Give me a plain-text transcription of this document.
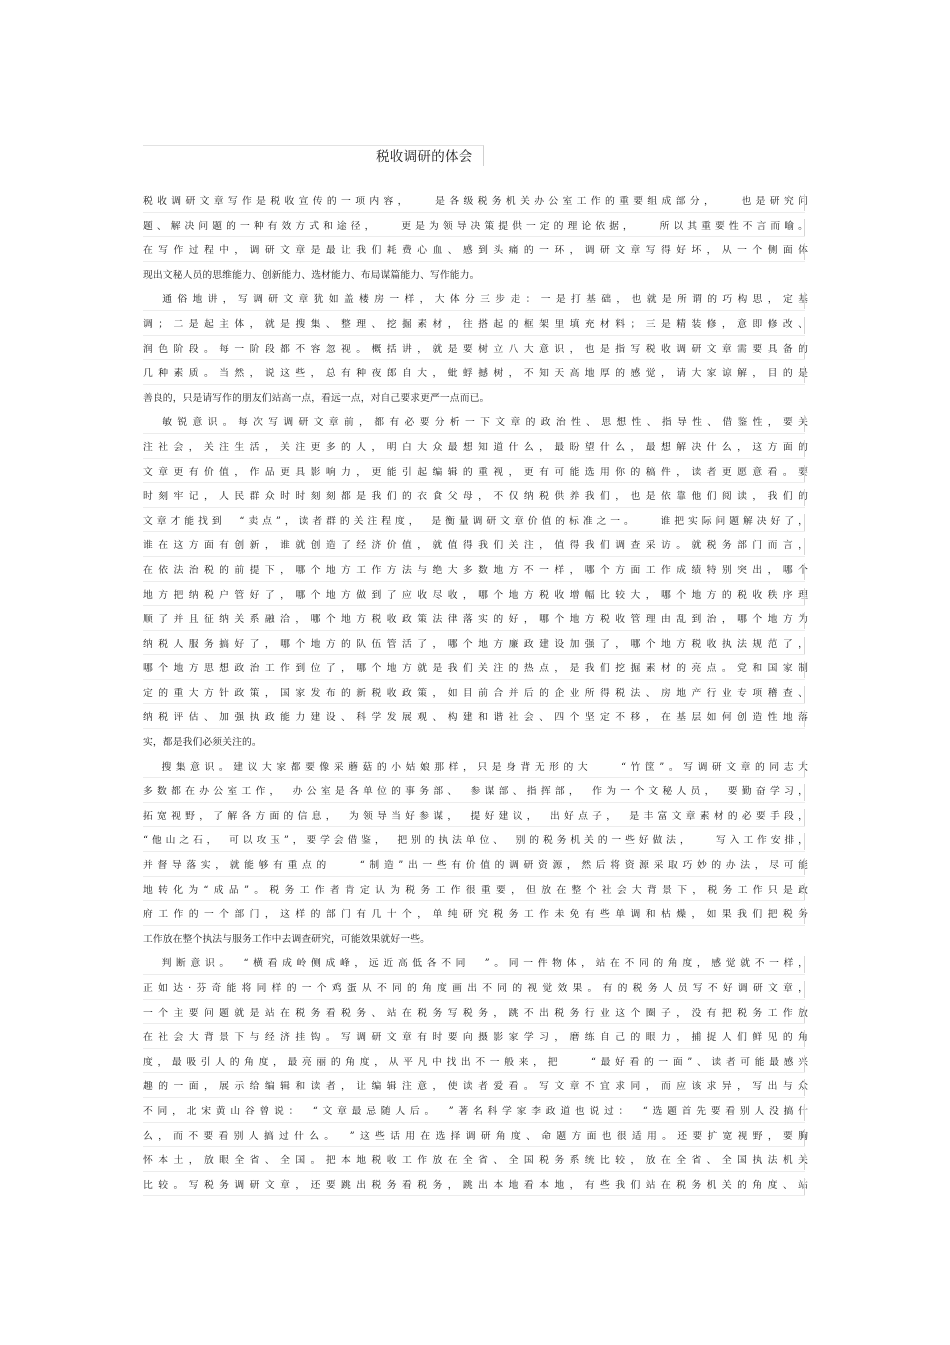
税收调研的体会
税收调研文章写作是税收宣传的一项内容，　　是各级税务机关办公室工作的重要组成部分，　　也是研究问
题、解决问题的一种有效方式和途径，　　更是为领导决策提供一定的理论依据，　　所以其重要性不言而喻。
在写作过程中，调研文章是最让我们耗费心血、感到头痛的一环，调研文章写得好坏，从一个侧面体
现出文秘人员的思维能力、创新能力、选材能力、布局谋篇能力、写作能力。
通俗地讲，写调研文章犹如盖楼房一样，大体分三步走：一是打基础，也就是所谓的巧构思，定基
调；二是起主体，就是搜集、整理、挖掘素材，往搭起的框架里填充材料；三是精装修，意即修改、
润色阶段。每一阶段都不容忽视。概括讲，就是要树立八大意识，也是指写税收调研文章需要具备的
几种素质。当然，说这些，总有种夜郎自大，蚍蜉撼树，不知天高地厚的感觉，请大家谅解，目的是
善良的，只是请写作的朋友们站高一点，看远一点，对自己要求更严一点而已。
敏锐意识。每次写调研文章前，都有必要分析一下文章的政治性、思想性、指导性、借鉴性，要关
注社会，关注生活，关注更多的人，明白大众最想知道什么，最盼望什么，最想解决什么，这方面的
文章更有价值，作品更具影响力，更能引起编辑的重视，更有可能选用你的稿件，读者更愿意看。要
时刻牢记，人民群众时时刻刻都是我们的衣食父母，不仅纳税供养我们，也是依靠他们阅读，我们的
文章才能找到　“卖点”，读者群的关注程度，　是衡量调研文章价值的标准之一。　　谁把实际问题解决好了，
谁在这方面有创新，谁就创造了经济价值，就值得我们关注，值得我们调查采访。就税务部门而言，
在依法治税的前提下，哪个地方工作方法与绝大多数地方不一样，哪个方面工作成绩特别突出，哪个
地方把纳税户管好了，哪个地方做到了应收尽收，哪个地方税收增幅比较大，哪个地方的税收秩序理
顺了并且征纳关系融洽，哪个地方税收政策法律落实的好，哪个地方税收管理由乱到治，哪个地方为
纳税人服务搞好了，哪个地方的队伍管活了，哪个地方廉政建设加强了，哪个地方税收执法规范了，
哪个地方思想政治工作到位了，哪个地方就是我们关注的热点，是我们挖掘素材的亮点。党和国家制
定的重大方针政策，国家发布的新税收政策，如目前合并后的企业所得税法、房地产行业专项稽查、
纳税评估、加强执政能力建设、科学发展观、构建和谐社会、四个坚定不移，在基层如何创造性地落
实，都是我们必须关注的。
搜集意识。建议大家都要像采蘑菇的小姑娘那样，只是身背无形的大　　“竹筐”。写调研文章的同志大
多数都在办公室工作，　办公室是各单位的事务部、　参谋部、指挥部，　作为一个文秘人员，　要勤奋学习，
拓宽视野，了解各方面的信息，　为领导当好参谋，　提好建议，　出好点子，　是丰富文章素材的必要手段，
“他山之石，　可以攻玉”，要学会借鉴，　把别的执法单位、　别的税务机关的一些好做法，　　写入工作安排，
并督导落实，就能够有重点的　　“制造”出一些有价值的调研资源，然后将资源采取巧妙的办法，尽可能
地转化为“成品”。税务工作者肯定认为税务工作很重要，但放在整个社会大背景下，税务工作只是政
府工作的一个部门，这样的部门有几十个，单纯研究税务工作未免有些单调和枯燥，如果我们把税务
工作放在整个执法与服务工作中去调查研究，可能效果就好一些。
判断意识。　“横看成岭侧成峰，远近高低各不同　”。同一件物体，站在不同的角度，感觉就不一样，
正如达·芬奇能将同样的一个鸡蛋从不同的角度画出不同的视觉效果。有的税务人员写不好调研文章，
一个主要问题就是站在税务看税务、站在税务写税务，跳不出税务行业这个圈子，没有把税务工作放
在社会大背景下与经济挂钩。写调研文章有时要向摄影家学习，磨练自己的眼力，捕捉人们鲜见的角
度，最吸引人的角度，最亮丽的角度，从平凡中找出不一般来，把　　“最好看的一面”、读者可能最感兴
趣的一面，展示给编辑和读者，让编辑注意，使读者爱看。写文章不宜求同，而应该求异，写出与众
不同，北宋黄山谷曾说：　“文章最忌随人后。　”著名科学家李政道也说过：　“选题首先要看别人没搞什
么，而不要看别人搞过什么。　”这些话用在选择调研角度、命题方面也很适用。还要扩宽视野，要胸
怀本土，放眼全省、全国。把本地税收工作放在全省、全国税务系统比较，放在全省、全国执法机关
比较。写税务调研文章，还要跳出税务看税务，跳出本地看本地，有些我们站在税务机关的角度、站
